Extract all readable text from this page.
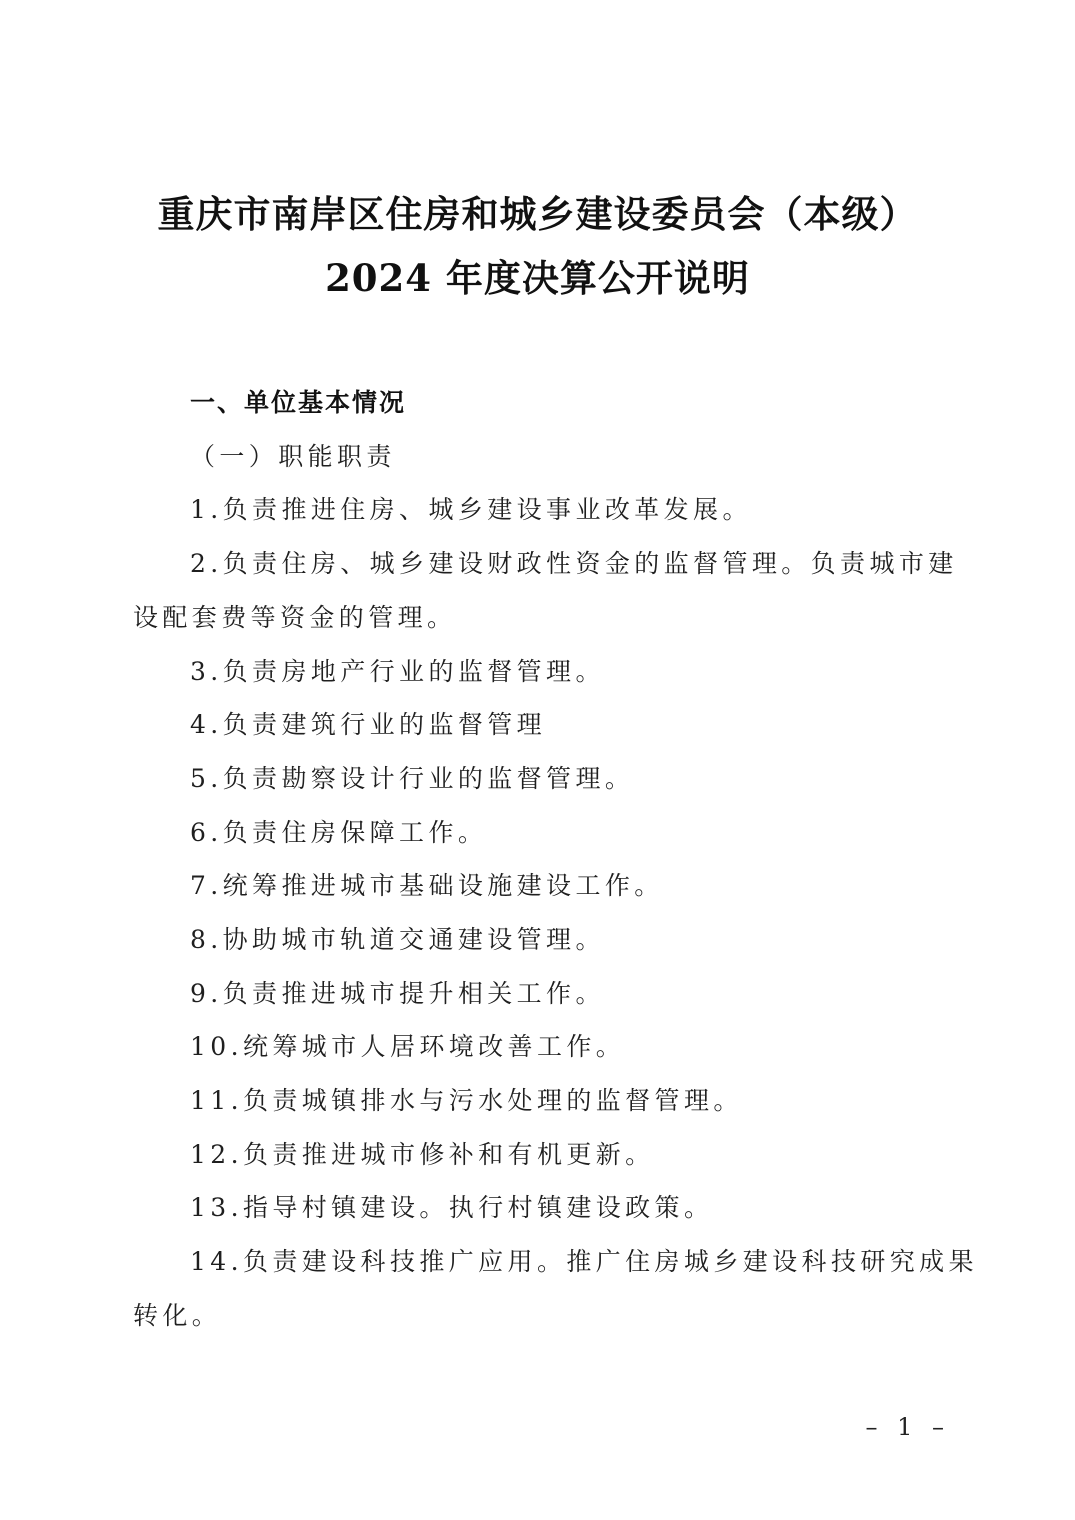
重庆市南岸区住房和城乡建设委员会（本级）
2024 年度决算公开说明
一、单位基本情况
（一）职能职责
1.负责推进住房、城乡建设事业改革发展。
2.负责住房、城乡建设财政性资金的监督管理。负责城市建
设配套费等资金的管理。
3.负责房地产行业的监督管理。
4.负责建筑行业的监督管理
5.负责勘察设计行业的监督管理。
6.负责住房保障工作。
7.统筹推进城市基础设施建设工作。
8.协助城市轨道交通建设管理。
9.负责推进城市提升相关工作。
10.统筹城市人居环境改善工作。
11.负责城镇排水与污水处理的监督管理。
12.负责推进城市修补和有机更新。
13.指导村镇建设。执行村镇建设政策。
14.负责建设科技推广应用。推广住房城乡建设科技研究成果
转化。
– 1 –
